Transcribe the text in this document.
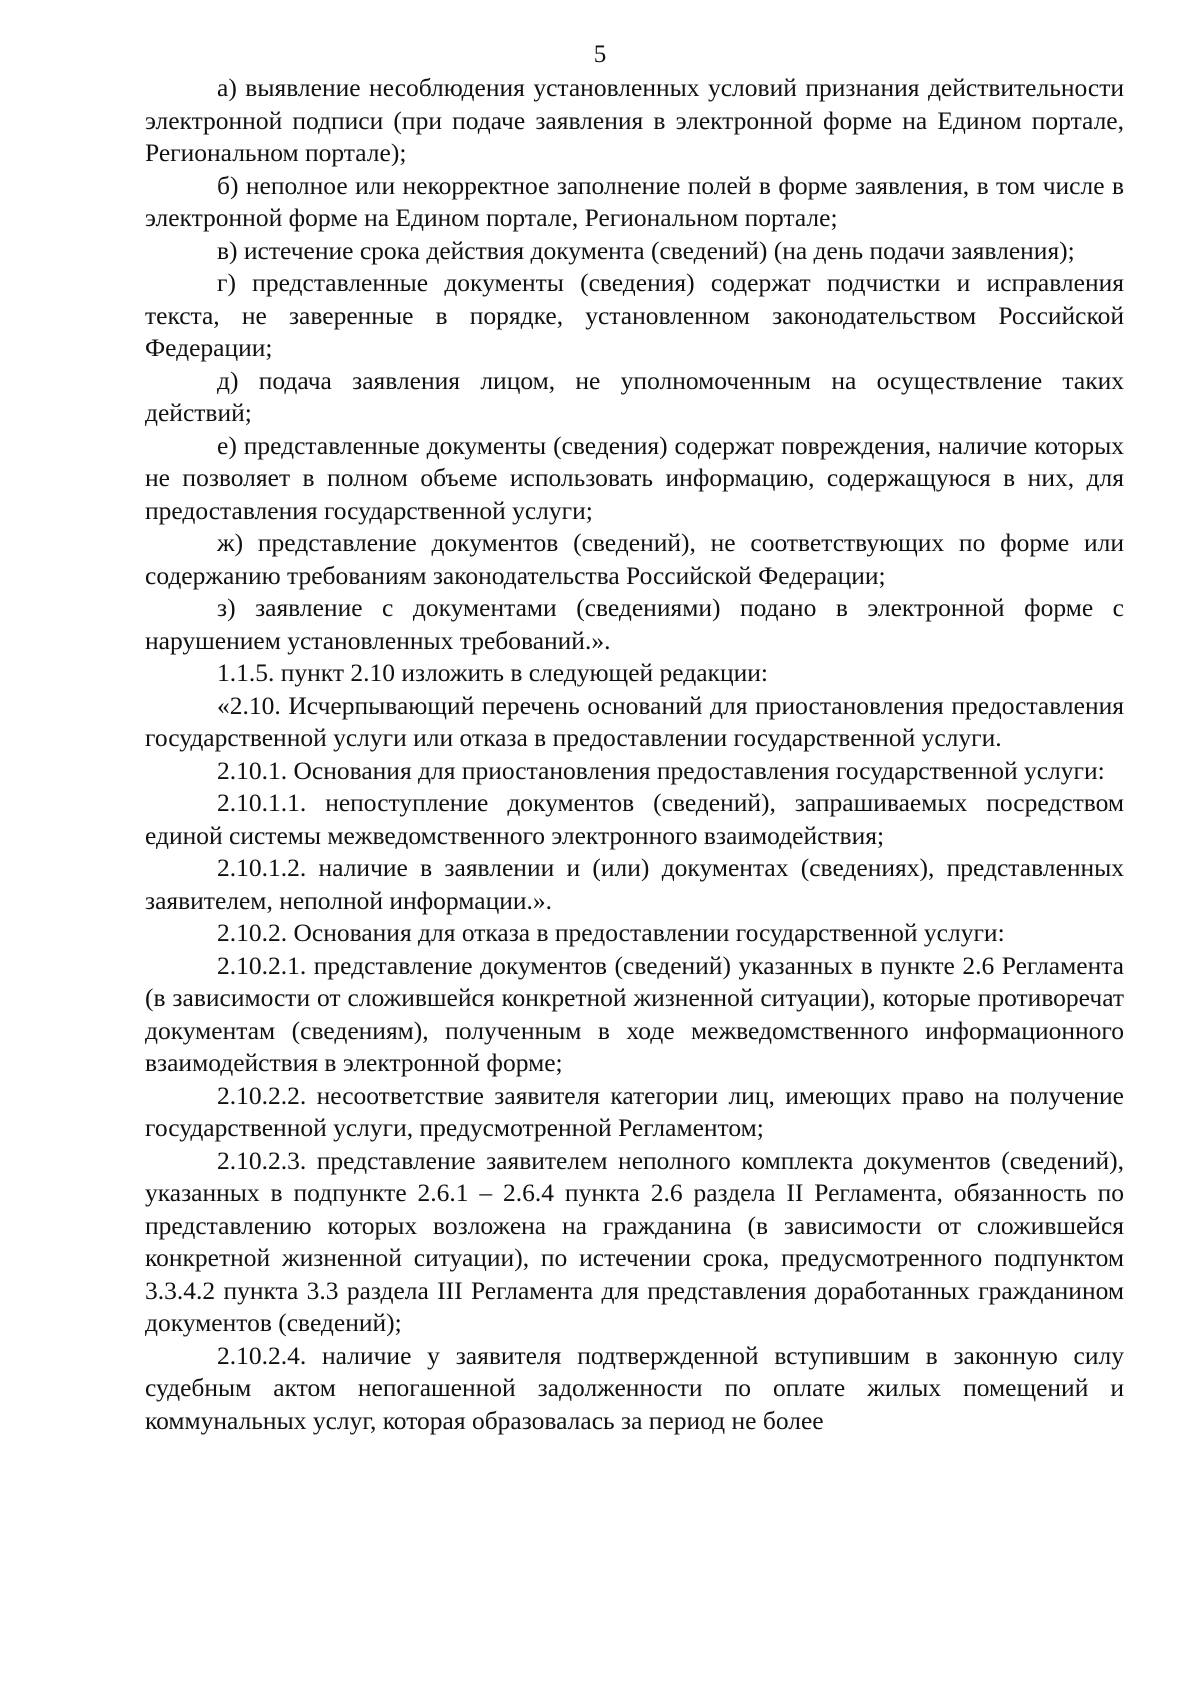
5

а) выявление несоблюдения установленных условий признания действительности электронной подписи (при подаче заявления в электронной форме на Едином портале, Региональном портале);

б) неполное или некорректное заполнение полей в форме заявления, в том числе в электронной форме на Едином портале, Региональном портале;

в) истечение срока действия документа (сведений) (на день подачи заявления);

г) представленные документы (сведения) содержат подчистки и исправления текста, не заверенные в порядке, установленном законодательством Российской Федерации;

д) подача заявления лицом, не уполномоченным на осуществление таких действий;

е) представленные документы (сведения) содержат повреждения, наличие которых не позволяет в полном объеме использовать информацию, содержащуюся в них, для предоставления государственной услуги;

ж) представление документов (сведений), не соответствующих по форме или содержанию требованиям законодательства Российской Федерации;

з) заявление с документами (сведениями) подано в электронной форме с нарушением установленных требований.».

1.1.5. пункт 2.10 изложить в следующей редакции:

«2.10. Исчерпывающий перечень оснований для приостановления предоставления государственной услуги или отказа в предоставлении государственной услуги.

2.10.1. Основания для приостановления предоставления государственной услуги:

2.10.1.1. непоступление документов (сведений), запрашиваемых посредством единой системы межведомственного электронного взаимодействия;

2.10.1.2. наличие в заявлении и (или) документах (сведениях), представленных заявителем, неполной информации.».

2.10.2. Основания для отказа в предоставлении государственной услуги:

2.10.2.1. представление документов (сведений) указанных в пункте 2.6 Регламента (в зависимости от сложившейся конкретной жизненной ситуации), которые противоречат документам (сведениям), полученным в ходе межведомственного информационного взаимодействия в электронной форме;

2.10.2.2. несоответствие заявителя категории лиц, имеющих право на получение государственной услуги, предусмотренной Регламентом;

2.10.2.3. представление заявителем неполного комплекта документов (сведений), указанных в подпункте 2.6.1 – 2.6.4 пункта 2.6 раздела II Регламента, обязанность по представлению которых возложена на гражданина (в зависимости от сложившейся конкретной жизненной ситуации), по истечении срока, предусмотренного подпунктом 3.3.4.2 пункта 3.3 раздела III Регламента для представления доработанных гражданином документов (сведений);

2.10.2.4. наличие у заявителя подтвержденной вступившим в законную силу судебным актом непогашенной задолженности по оплате жилых помещений и коммунальных услуг, которая образовалась за период не более
